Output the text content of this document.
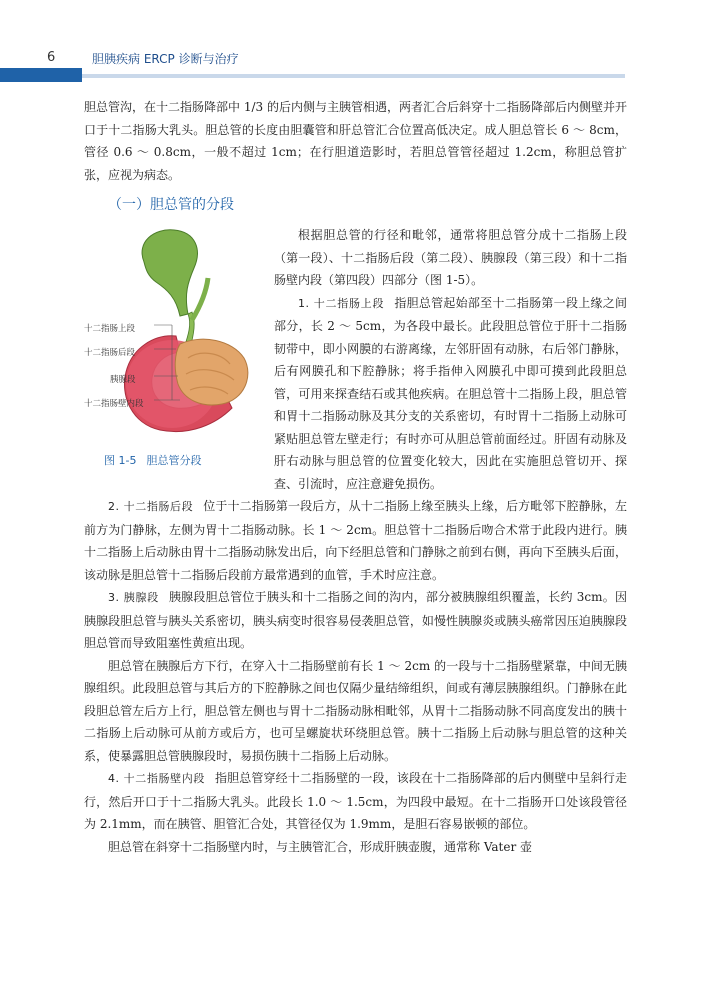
6	胆胰疾病 ERCP 诊断与治疗

胆总管沟，在十二指肠降部中 1/3 的后内侧与主胰管相遇，两者汇合后斜穿十二指肠降部后内侧壁并开口于十二指肠大乳头。胆总管的长度由胆囊管和肝总管汇合位置高低决定。成人胆总管长 6 ～ 8cm，管径 0.6 ～ 0.8cm，一般不超过 1cm；在行胆道造影时，若胆总管管径超过 1.2cm，称胆总管扩张，应视为病态。

（一）胆总管的分段

十二指肠上段
十二指肠后段
胰腺段
十二指肠壁内段
图 1-5 胆总管分段

根据胆总管的行径和毗邻，通常将胆总管分成十二指肠上段（第一段）、十二指肠后段（第二段）、胰腺段（第三段）和十二指肠壁内段（第四段）四部分（图 1-5）。

1. 十二指肠上段 指胆总管起始部至十二指肠第一段上缘之间部分，长 2 ～ 5cm，为各段中最长。此段胆总管位于肝十二指肠韧带中，即小网膜的右游离缘，左邻肝固有动脉，右后邻门静脉，后有网膜孔和下腔静脉；将手指伸入网膜孔中即可摸到此段胆总管，可用来探查结石或其他疾病。在胆总管十二指肠上段，胆总管和胃十二指肠动脉及其分支的关系密切，有时胃十二指肠上动脉可紧贴胆总管左壁走行；有时亦可从胆总管前面经过。肝固有动脉及肝右动脉与胆总管的位置变化较大，因此在实施胆总管切开、探查、引流时，应注意避免损伤。

2. 十二指肠后段 位于十二指肠第一段后方，从十二指肠上缘至胰头上缘，后方毗邻下腔静脉，左前方为门静脉，左侧为胃十二指肠动脉。长 1 ～ 2cm。胆总管十二指肠后吻合术常于此段内进行。胰十二指肠上后动脉由胃十二指肠动脉发出后，向下经胆总管和门静脉之前到右侧，再向下至胰头后面，该动脉是胆总管十二指肠后段前方最常遇到的血管，手术时应注意。

3. 胰腺段 胰腺段胆总管位于胰头和十二指肠之间的沟内，部分被胰腺组织覆盖，长约 3cm。因胰腺段胆总管与胰头关系密切，胰头病变时很容易侵袭胆总管，如慢性胰腺炎或胰头癌常因压迫胰腺段胆总管而导致阻塞性黄疸出现。

胆总管在胰腺后方下行，在穿入十二指肠壁前有长 1 ～ 2cm 的一段与十二指肠壁紧靠，中间无胰腺组织。此段胆总管与其后方的下腔静脉之间也仅隔少量结缔组织，间或有薄层胰腺组织。门静脉在此段胆总管左后方上行，胆总管左侧也与胃十二指肠动脉相毗邻，从胃十二指肠动脉不同高度发出的胰十二指肠上后动脉可从前方或后方，也可呈螺旋状环绕胆总管。胰十二指肠上后动脉与胆总管的这种关系，使暴露胆总管胰腺段时，易损伤胰十二指肠上后动脉。

4. 十二指肠壁内段 指胆总管穿经十二指肠壁的一段，该段在十二指肠降部的后内侧壁中呈斜行走行，然后开口于十二指肠大乳头。此段长 1.0 ～ 1.5cm，为四段中最短。在十二指肠开口处该段管径为 2.1mm，而在胰管、胆管汇合处，其管径仅为 1.9mm，是胆石容易嵌顿的部位。

胆总管在斜穿十二指肠壁内时，与主胰管汇合，形成肝胰壶腹，通常称 Vater 壶
